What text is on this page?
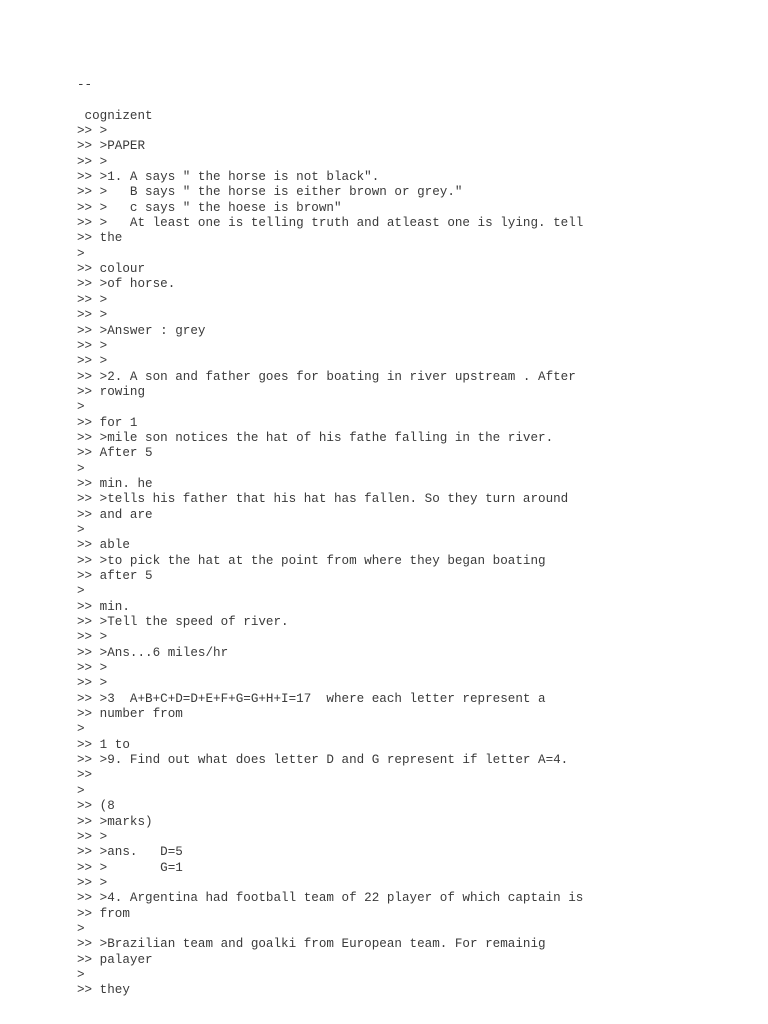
--
cognizent
>> >
>> >PAPER
>> >
>> >1. A says " the horse is not black".
>> >   B says " the horse is either brown or grey."
>> >   c says " the hoese is brown"
>> >   At least one is telling truth and atleast one is lying. tell
>> the
>
>> colour
>> >of horse.
>> >
>> >
>> >Answer : grey
>> >
>> >
>> >2. A son and father goes for boating in river upstream . After
>> rowing
>
>> for 1
>> >mile son notices the hat of his fathe falling in the river.
>> After 5
>
>> min. he
>> >tells his father that his hat has fallen. So they turn around
>> and are
>
>> able
>> >to pick the hat at the point from where they began boating
>> after 5
>
>> min.
>> >Tell the speed of river.
>> >
>> >Ans...6 miles/hr
>> >
>> >
>> >3  A+B+C+D=D+E+F+G=G+H+I=17  where each letter represent a
>> number from
>
>> 1 to
>> >9. Find out what does letter D and G represent if letter A=4.
>>
>
>> (8
>> >marks)
>> >
>> >ans.   D=5
>> >       G=1
>> >
>> >4. Argentina had football team of 22 player of which captain is
>> from
>
>> >Brazilian team and goalki from European team. For remainig
>> palayer
>
>> they
